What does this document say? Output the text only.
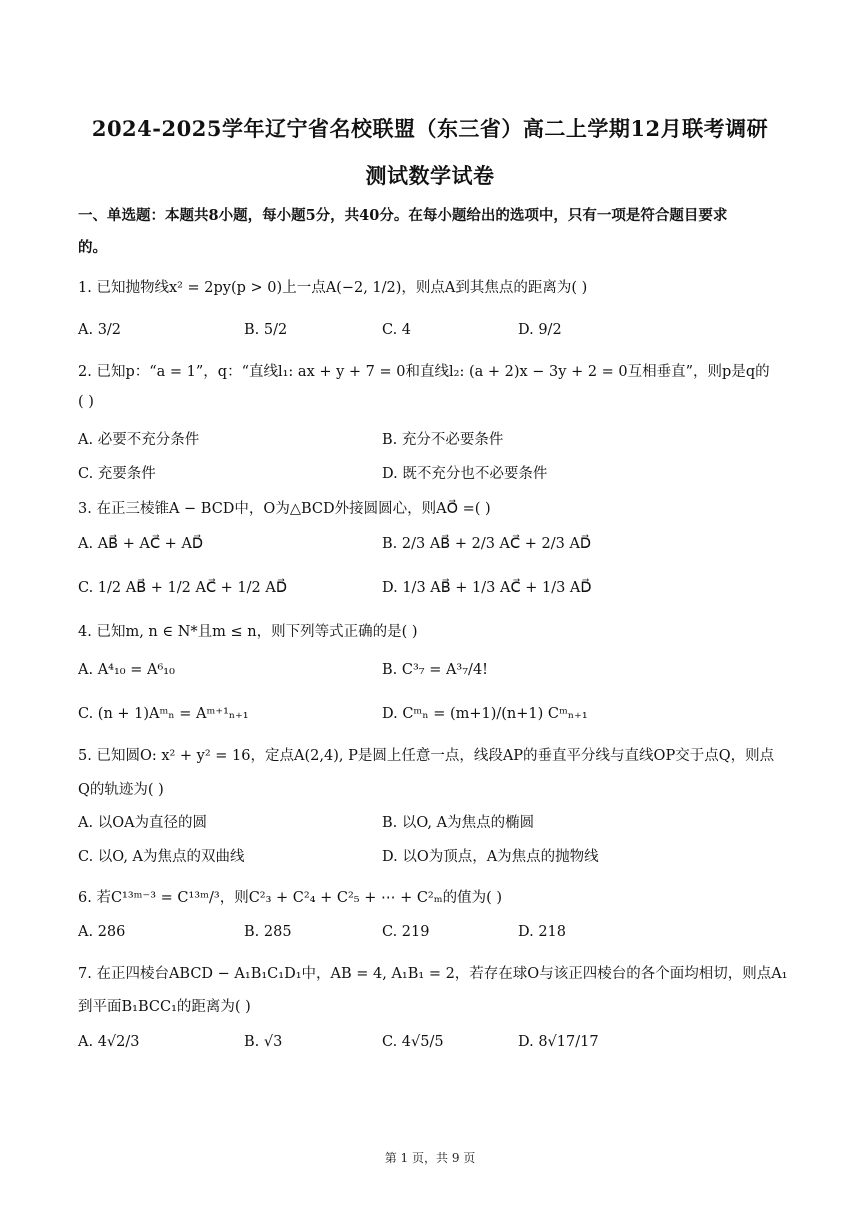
2024-2025学年辽宁省名校联盟（东三省）高二上学期12月联考调研
测试数学试卷
一、单选题：本题共8小题，每小题5分，共40分。在每小题给出的选项中，只有一项是符合题目要求
的。
1. 已知抛物线x² = 2py(p > 0)上一点A(−2, 1/2)，则点A到其焦点的距离为( )
A. 3/2	B. 5/2	C. 4	D. 9/2
2. 已知p：“a = 1”，q：“直线l₁: ax + y + 7 = 0和直线l₂: (a + 2)x − 3y + 2 = 0互相垂直”，则p是q的
( )
A. 必要不充分条件	B. 充分不必要条件
C. 充要条件	D. 既不充分也不必要条件
3. 在正三棱锥A − BCD中，O为△BCD外接圆圆心，则AO⃗ =( )
A. AB⃗ + AC⃗ + AD⃗	B. 2/3 AB⃗ + 2/3 AC⃗ + 2/3 AD⃗
C. 1/2 AB⃗ + 1/2 AC⃗ + 1/2 AD⃗	D. 1/3 AB⃗ + 1/3 AC⃗ + 1/3 AD⃗
4. 已知m, n ∈ N*且m ≤ n，则下列等式正确的是( )
A. A⁴₁₀ = A⁶₁₀	B. C³₇ = A³₇/4!
C. (n + 1)Aᵐₙ = Aᵐ⁺¹ₙ₊₁	D. Cᵐₙ = (m+1)/(n+1) Cᵐₙ₊₁
5. 已知圆O: x² + y² = 16，定点A(2,4), P是圆上任意一点，线段AP的垂直平分线与直线OP交于点Q，则点
Q的轨迹为( )
A. 以OA为直径的圆	B. 以O, A为焦点的椭圆
C. 以O, A为焦点的双曲线	D. 以O为顶点，A为焦点的抛物线
6. 若C¹³ᵐ⁻³ = C¹³ᵐ/³，则C²₃ + C²₄ + C²₅ + ⋯ + C²ₘ的值为( )
A. 286	B. 285	C. 219	D. 218
7. 在正四棱台ABCD − A₁B₁C₁D₁中，AB = 4, A₁B₁ = 2，若存在球O与该正四棱台的各个面均相切，则点A₁
到平面B₁BCC₁的距离为( )
A. 4√2/3	B. √3	C. 4√5/5	D. 8√17/17
第 1 页，共 9 页
